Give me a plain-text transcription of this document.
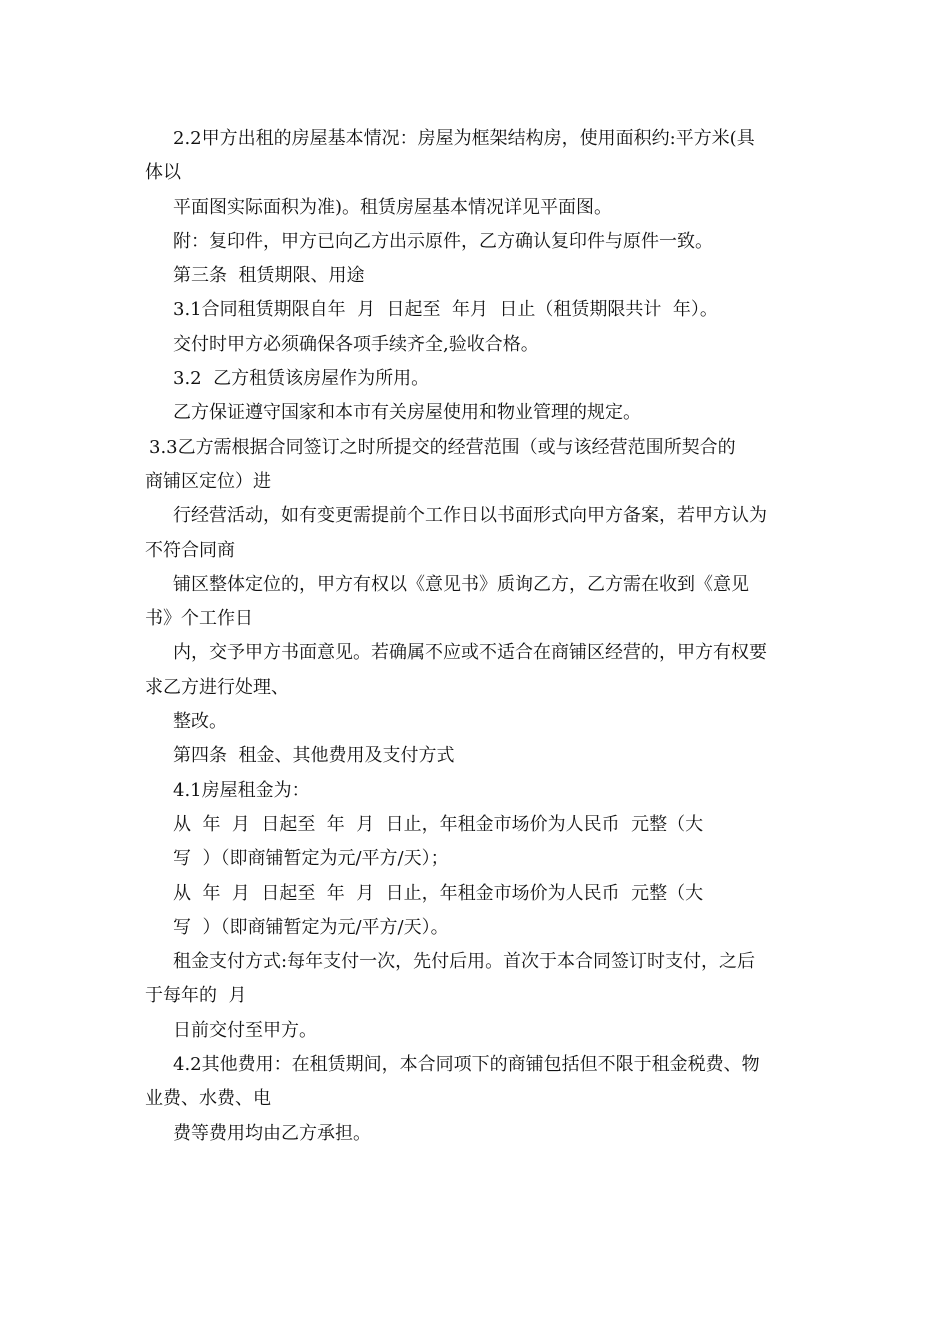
2.2甲方出租的房屋基本情况：房屋为框架结构房，使用面积约:平方米(具
体以
平面图实际面积为准)。租赁房屋基本情况详见平面图。
附：复印件，甲方已向乙方出示原件，乙方确认复印件与原件一致。
第三条  租赁期限、用途
3.1合同租赁期限自年  月  日起至  年月  日止（租赁期限共计  年）。
交付时甲方必须确保各项手续齐全,验收合格。
3.2  乙方租赁该房屋作为所用。
乙方保证遵守国家和本市有关房屋使用和物业管理的规定。
3.3乙方需根据合同签订之时所提交的经营范围（或与该经营范围所契合的
商铺区定位）进
行经营活动，如有变更需提前个工作日以书面形式向甲方备案，若甲方认为
不符合同商
铺区整体定位的，甲方有权以《意见书》质询乙方，乙方需在收到《意见
书》个工作日
内，交予甲方书面意见。若确属不应或不适合在商铺区经营的，甲方有权要
求乙方进行处理、
整改。
第四条  租金、其他费用及支付方式
4.1房屋租金为：
从  年  月  日起至  年  月  日止，年租金市场价为人民币  元整（大
写  ）（即商铺暂定为元/平方/天）；
从  年  月  日起至  年  月  日止，年租金市场价为人民币  元整（大
写  ）（即商铺暂定为元/平方/天）。
租金支付方式:每年支付一次，先付后用。首次于本合同签订时支付，之后
于每年的  月
日前交付至甲方。
4.2其他费用：在租赁期间，本合同项下的商铺包括但不限于租金税费、物
业费、水费、电
费等费用均由乙方承担。
